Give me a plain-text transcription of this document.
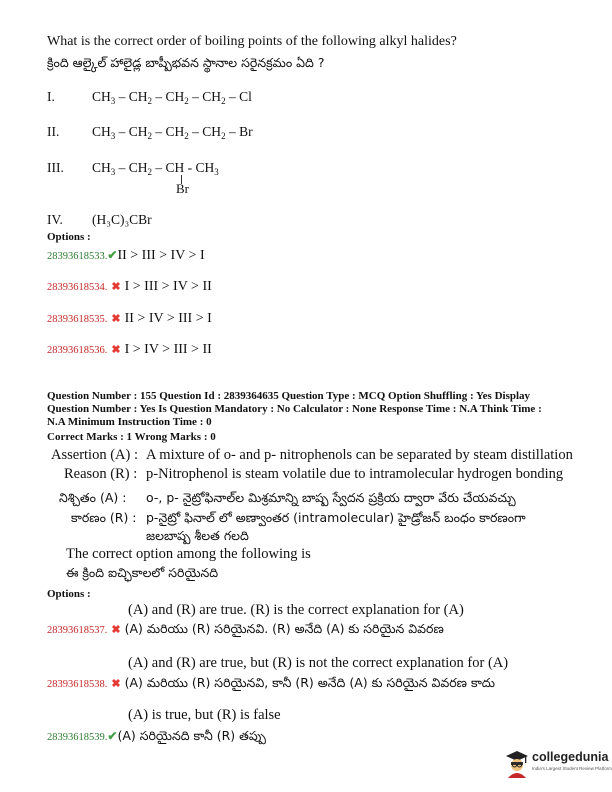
What is the correct order of boiling points of the following alkyl halides?
క్రింది ఆల్కైల్ హాలైడ్ల బాష్పీభవన స్థానాల సరైనక్రమం ఏది ?
I.	$CH_3 - CH_2 - CH_2 - CH_2$ – Cl
II. $CH_3 - CH_2 - CH_2 - CH_2$ – Br
III. $CH_3 - CH_2$ – CH - $CH_3$
Br
IV. (H₃C)₃CBr
Options :
28393618533.✔II > III > IV > I
28393618534. ✖ I > III > IV > II
28393618535. ✖ II > IV > III > I
28393618536. ✖ I > IV > III > II
Question Number : 155 Question Id : 2839364635 Question Type : MCQ Option Shuffling : Yes Display
Question Number : Yes Is Question Mandatory : No Calculator : None Response Time : N.A Think Time :
N.A Minimum Instruction Time : 0
Correct Marks : 1 Wrong Marks : 0
Assertion (A) : A mixture of o- and p- nitrophenols can be separated by steam distillation
Reason (R) : p-Nitrophenol is steam volatile due to intramolecular hydrogen bonding
నిశ్చితం (A) : o-, p- నైట్రోఫినాల్‌ల మిశ్రమాన్ని బాష్ప స్వేదన ప్రక్రియ ద్వారా వేరు చేయవచ్చు
కారణం (R) : p-నైట్రో ఫినాల్ లో అణ్వాంతర (intramolecular) హైడ్రోజన్ బంధం కారణంగా
జలబాష్ప శీలత గలది
The correct option among the following is
ఈ క్రింది ఐచ్ఛికాలలో సరియైనది
Options :
(A) and (R) are true. (R) is the correct explanation for (A)
28393618537. ✖ (A) మరియు (R) సరియైనవి. (R) అనేది (A) కు సరియైన వివరణ
(A) and (R) are true, but (R) is not the correct explanation for (A)
28393618538. ✖ (A) మరియు (R) సరియైనవి, కానీ (R) అనేది (A) కు సరియైన వివరణ కాదు
(A) is true, but (R) is false
28393618539.✔(A) సరియైనది కానీ (R) తప్పు
collegedunia
India's Largest Student Review Platform
